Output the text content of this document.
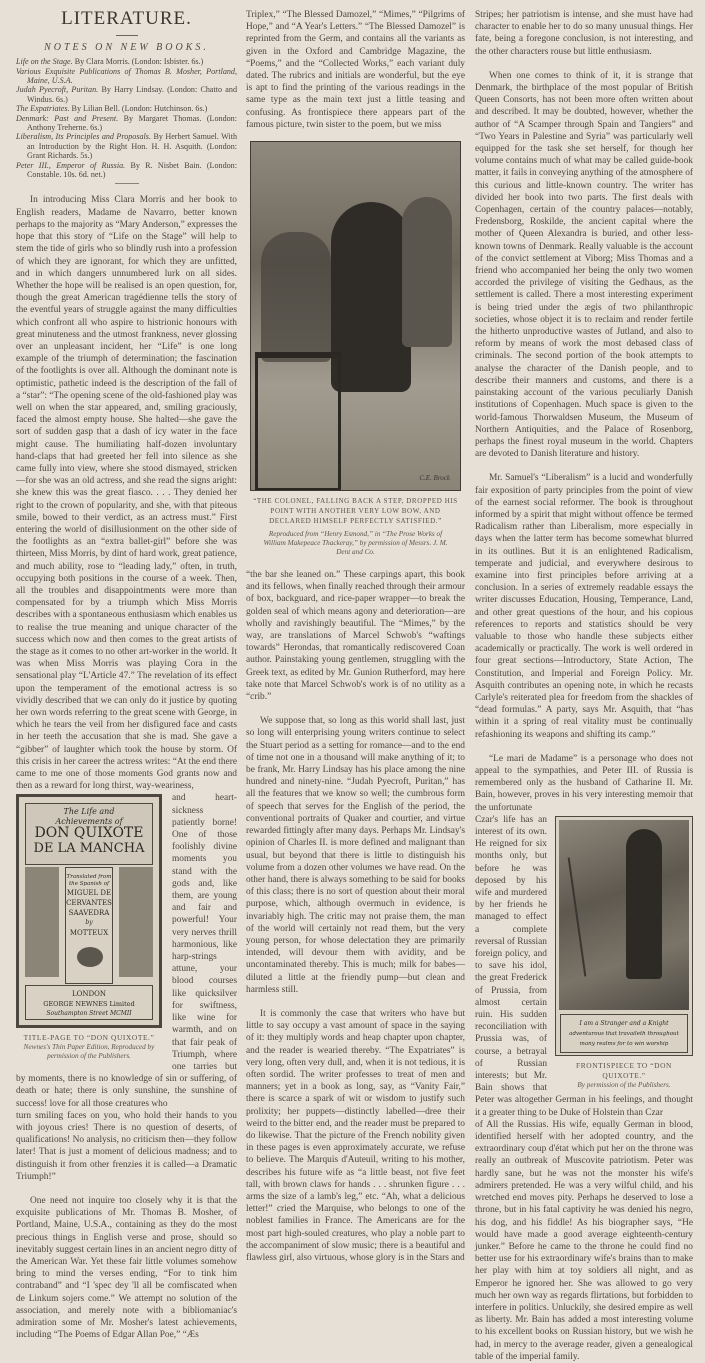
LITERATURE.
NOTES ON NEW BOOKS.
Life on the Stage. By Clara Morris. (London: Isbister. 6s.)
Various Exquisite Publications of Thomas B. Mosher, Portland, Maine, U.S.A.
Judah Pyecroft, Puritan. By Harry Lindsay. (London: Chatto and Windus. 6s.)
The Expatriates. By Lilian Bell. (London: Hutchinson. 6s.)
Denmark: Past and Present. By Margaret Thomas. (London: Anthony Treherne. 6s.)
Liberalism, Its Principles and Proposals. By Herbert Samuel. With an Introduction by the Right Hon. H. H. Asquith. (London: Grant Richards. 5s.)
Peter III., Emperor of Russia. By R. Nisbet Bain. (London: Constable. 10s. 6d. net.)

In introducing Miss Clara Morris and her book to English readers, Madame de Navarro, better known perhaps to the majority as “Mary Anderson,” expresses the hope that this story of “Life on the Stage” will help to stem the tide of girls who so blindly rush into a profession of which they are ignorant, for which they are unfitted, and in which dangers unnumbered lurk on all sides. Whether the hope will be realised is an open question, for, though the great American tragédienne tells the story of the eventful years of struggle against the many difficulties which confront all who aspire to histrionic honours with great minuteness and the utmost frankness, never glossing over an unpleasant incident, her “Life” is one long example of the triumph of determination; the fascination of the footlights is over all. Although the dominant note is optimistic, pathetic indeed is the description of the fall of a “star”: “The opening scene of the old-fashioned play was well on when the star appeared, and, smiling graciously, faced the almost empty house. She halted—she gave the sort of sudden gasp that a dash of icy water in the face might cause. The humiliating half-dozen involuntary hand-claps that had greeted her fell into silence as she came fully into view, where she stood dismayed, stricken—for she was an old actress, and she read the signs aright: she knew this was the great fiasco. . . . They denied her right to the crown of popularity, and she, with that piteous smile, bowed to their verdict, as an actress must.” First entering the world of disillusionment on the other side of the footlights as an “extra ballet-girl” before she was thirteen, Miss Morris, by dint of hard work, great patience, and much ability, rose to “leading lady,” often, in truth, occupying both positions in the course of a week. Then, all the troubles and disappointments were more than compensated for by a triumph which Miss Morris describes with a spontaneous enthusiasm which enables us to realise the true meaning and unique character of the success which now and then comes to the great artists of the stage as it comes to no other art-worker in the world. It was when Miss Morris was playing Cora in the sensational play “L'Article 47.” The revelation of its effect upon the temperament of the emotional actress is so vividly described that we can only do it justice by quoting her own words referring to the great scene with George, in which he tears the veil from her disfigured face and casts in her teeth the accusation that she is mad. She gave a “gibber” of laughter which took the house by storm. Of this crisis in her career the actress writes: “At the end there came to me one of those moments God grants now and then as a reward for long thirst, way-weariness,

The Life and
Achievements of
DON QUIXOTE
DE LA MANCHA
Translated from
the Spanish of
MIGUEL DE
CERVANTES
SAAVEDRA
by
MOTTEUX
LONDON
GEORGE NEWNES Limited
Southampton Street MCMII
TITLE-PAGE TO “DON QUIXOTE.”
Newnes's Thin Paper Edition, Reproduced by permission of the Publishers.

and heart-sickness patiently borne! One of those foolishly divine moments you stand with the gods and, like them, are young and fair and powerful! Your very nerves thrill harmonious, like harp-strings attune, your blood courses like quicksilver for swiftness, like wine for warmth, and on that fair peak of Triumph, where one tarries but by moments, there is no knowledge of sin or suffering, of death or hate; there is only sunshine, the sunshine of success! love for all those creatures who

turn smiling faces on you, who hold their hands to you with joyous cries! There is no question of deserts, of qualifications! No analysis, no criticism then—they follow later! That is just a moment of delicious madness; and to distinguish it from other frenzies it is called—a Dramatic Triumph!”

One need not inquire too closely why it is that the exquisite publications of Mr. Thomas B. Mosher, of Portland, Maine, U.S.A., containing as they do the most precious things in English verse and prose, should so inevitably suggest certain lines in an ancient negro ditty of the American War. Yet these fair little volumes somehow bring to mind the verses ending, “For to tink him contraband” and “I 'spec dey 'll all be comfiscated when de Linkum sojers come.” We attempt no solution of the association, and merely note with a bibliomaniac's admiration some of Mr. Mosher's latest achievements, including “The Poems of Edgar Allan Poe,” “Æs

Triplex,” “The Blessed Damozel,” “Mimes,” “Pilgrims of Hope,” and “A Year's Letters.” “The Blessed Damozel” is reprinted from the Germ, and contains all the variants as given in the Oxford and Cambridge Magazine, the “Poems,” and the “Collected Works,” each variant duly dated. The rubrics and initials are wonderful, but the eye is apt to find the printing of the various readings in the same type as the main text just a little teasing and confusing. As frontispiece there appears part of the famous picture, twin sister to the poem, but we miss

C.E. Brock
“THE COLONEL, FALLING BACK A STEP, DROPPED HIS POINT WITH ANOTHER VERY LOW BOW, AND DECLARED HIMSELF PERFECTLY SATISFIED.”
Reproduced from “Henry Esmond,” in “The Prose Works of William Makepeace Thackeray,” by permission of Messrs. J. M. Dent and Co.

“the bar she leaned on.” These carpings apart, this book and its fellows, when finally reached through their armour of box, backguard, and rice-paper wrapper—to break the golden seal of which means agony and deterioration—are wholly and ravishingly beautiful. The “Mimes,” by the way, are translations of Marcel Schwob's “waftings towards” Herondas, that romantically rediscovered Coan author. Painstaking young gentlemen, struggling with the Greek text, as edited by Mr. Gunion Rutherford, may here take note that Marcel Schwob's work is of no utility as a “crib.”

We suppose that, so long as this world shall last, just so long will enterprising young writers continue to select the Stuart period as a setting for romance—and to the end of time not one in a thousand will make anything of it; to be frank, Mr. Harry Lindsay has his place among the nine hundred and ninety-nine. “Judah Pyecroft, Puritan,” has all the features that we know so well; the cumbrous form of speech that serves for the English of the period, the conventional portraits of Quaker and courtier, and virtue rewarded fittingly after many days. Perhaps Mr. Lindsay's opinion of Charles II. is more defined and malignant than usual, but beyond that there is little to distinguish his volume from a dozen other volumes we have read. On the other hand, there is always something to be said for books of this class; there is no sort of question about their moral purpose, which, although overmuch in evidence, is invariably high. The critic may not praise them, the man of the world will certainly not read them, but the very young person, for whose delectation they are primarily intended, will devour them with avidity, and be uncontaminated thereby. This is much; milk for babes—diluted a little at the friendly pump—but clean and harmless still.

It is commonly the case that writers who have but little to say occupy a vast amount of space in the saying of it: they multiply words and heap chapter upon chapter, and the reader is wearied thereby. “The Expatriates” is very long, often very dull, and, when it is not tedious, it is often sordid. The writer professes to treat of men and manners; yet in a book as long, say, as “Vanity Fair,” there is scarce a spark of wit or wisdom to justify such prolixity; her puppets—distinctly labelled—dree their weird to the bitter end, and the reader must be prepared to do likewise. That the picture of the French nobility given in these pages is even approximately accurate, we refuse to believe. The Marquis d'Auteuil, writing to his mother, describes his future wife as “a little beast, not five feet tall, with brown claws for hands . . . shrunken figure . . . arms the size of a lamb's leg,” etc. “Ah, what a delicious letter!” cried the Marquise, who belongs to one of the noblest families in France. The Americans are for the most part high-souled creatures, who play a noble part to the accompaniment of slow music; there is a beautiful and flawless girl, also virtuous, whose glory is in the Stars and

Stripes; her patriotism is intense, and she must have had character to enable her to do so many unusual things. Her fate, being a foregone conclusion, is not interesting, and the other characters rouse but little enthusiasm.

When one comes to think of it, it is strange that Denmark, the birthplace of the most popular of British Queen Consorts, has not been more often written about and described. It may be doubted, however, whether the author of “A Scamper through Spain and Tangiers” and “Two Years in Palestine and Syria” was particularly well equipped for the task she set herself, for though her volume contains much of what may be called guide-book matter, it fails in conveying anything of the atmosphere of this curious and little-known country. The writer has divided her book into two parts. The first deals with Copenhagen, certain of the country palaces—notably, Fredensborg, Roskilde, the ancient capital where the mother of Queen Alexandra is buried, and other less-known towns of Denmark. Really valuable is the account of the convict settlement at Viborg; Miss Thomas and a friend who accompanied her being the only two women accorded the privilege of visiting the Gedhaus, as the settlement is called. There a most interesting experiment is being tried under the ægis of two philanthropic societies, whose object it is to reclaim and render fertile the hitherto unproductive wastes of Jutland, and also to reform by means of work the most debased class of criminals. The second portion of the book attempts to analyse the character of the Danish people, and to describe their manners and customs, and there is a painstaking account of the various peculiarly Danish institutions of Copenhagen. Much space is given to the world-famous Thorwaldsen Museum, the Museum of Northern Antiquities, and the Palace of Rosenborg, perhaps the finest royal museum in the world. Chapters are devoted to Danish literature and history.

Mr. Samuel's “Liberalism” is a lucid and wonderfully fair exposition of party principles from the point of view of the earnest social reformer. The book is throughout informed by a spirit that might without offence be termed Radicalism rather than Liberalism, more especially in days when the latter term has become somewhat blurred in its outlines. But it is an enlightened Radicalism, temperate and judicial, and everywhere desirous to examine into first principles before arriving at a conclusion. In a series of extremely readable essays the writer discusses Education, Housing, Temperance, Land, and other great questions of the hour, and his copious references to reports and statistics should be very valuable to those who handle these subjects either academically or practically. The work is well ordered in four great sections—Introductory, State Action, The Constitution, and Imperial and Foreign Policy. Mr. Asquith contributes an opening note, in which he recasts Carlyle's reiterated plea for freedom from the shackles of “dead formulas.” A party, says Mr. Asquith, that “has within it a spring of real vitality must be continually refashioning its weapons and shifting its camp.”

“Le mari de Madame” is a personage who does not appeal to the sympathies, and Peter III. of Russia is remembered only as the husband of Catharine II. Mr. Bain, however, proves in his very interesting memoir that the unfortunate

I am a Stranger and a Knight
adventurous that travaileth throughout
many realms for to win worship
FRONTISPIECE TO “DON QUIXOTE.”
By permission of the Publishers.

Czar's life has an interest of its own. He reigned for six months only, but before he was deposed by his wife and murdered by her friends he managed to effect a complete reversal of Russian foreign policy, and to save his idol, the great Frederick of Prussia, from almost certain ruin. His sudden reconciliation with Prussia was, of course, a betrayal of Russian interests; but Mr. Bain shows that Peter was altogether German in his feelings, and thought it a greater thing to be Duke of Holstein than Czar

of All the Russias. His wife, equally German in blood, identified herself with her adopted country, and the extraordinary coup d'état which put her on the throne was really an outbreak of Muscovite patriotism. Peter was hardly sane, but he was not the monster his wife's admirers pretended. He was a very wilful child, and his wretched end moves pity. Perhaps he deserved to lose a throne, but in his fatal captivity he was denied his negro, his dog, and his fiddle! As his biographer says, “He would have made a good average eighteenth-century junker.” Before he came to the throne he could find no better use for his extraordinary wife's brains than to make her play with him at toy soldiers all night, and as Emperor he ignored her. She was allowed to go very much her own way as regards flirtations, but forbidden to interfere in politics. Unluckily, she desired empire as well as liberty. Mr. Bain has added a most interesting volume to his excellent books on Russian history, but we wish he had, in mercy to the average reader, given a genealogical table of the imperial family.
